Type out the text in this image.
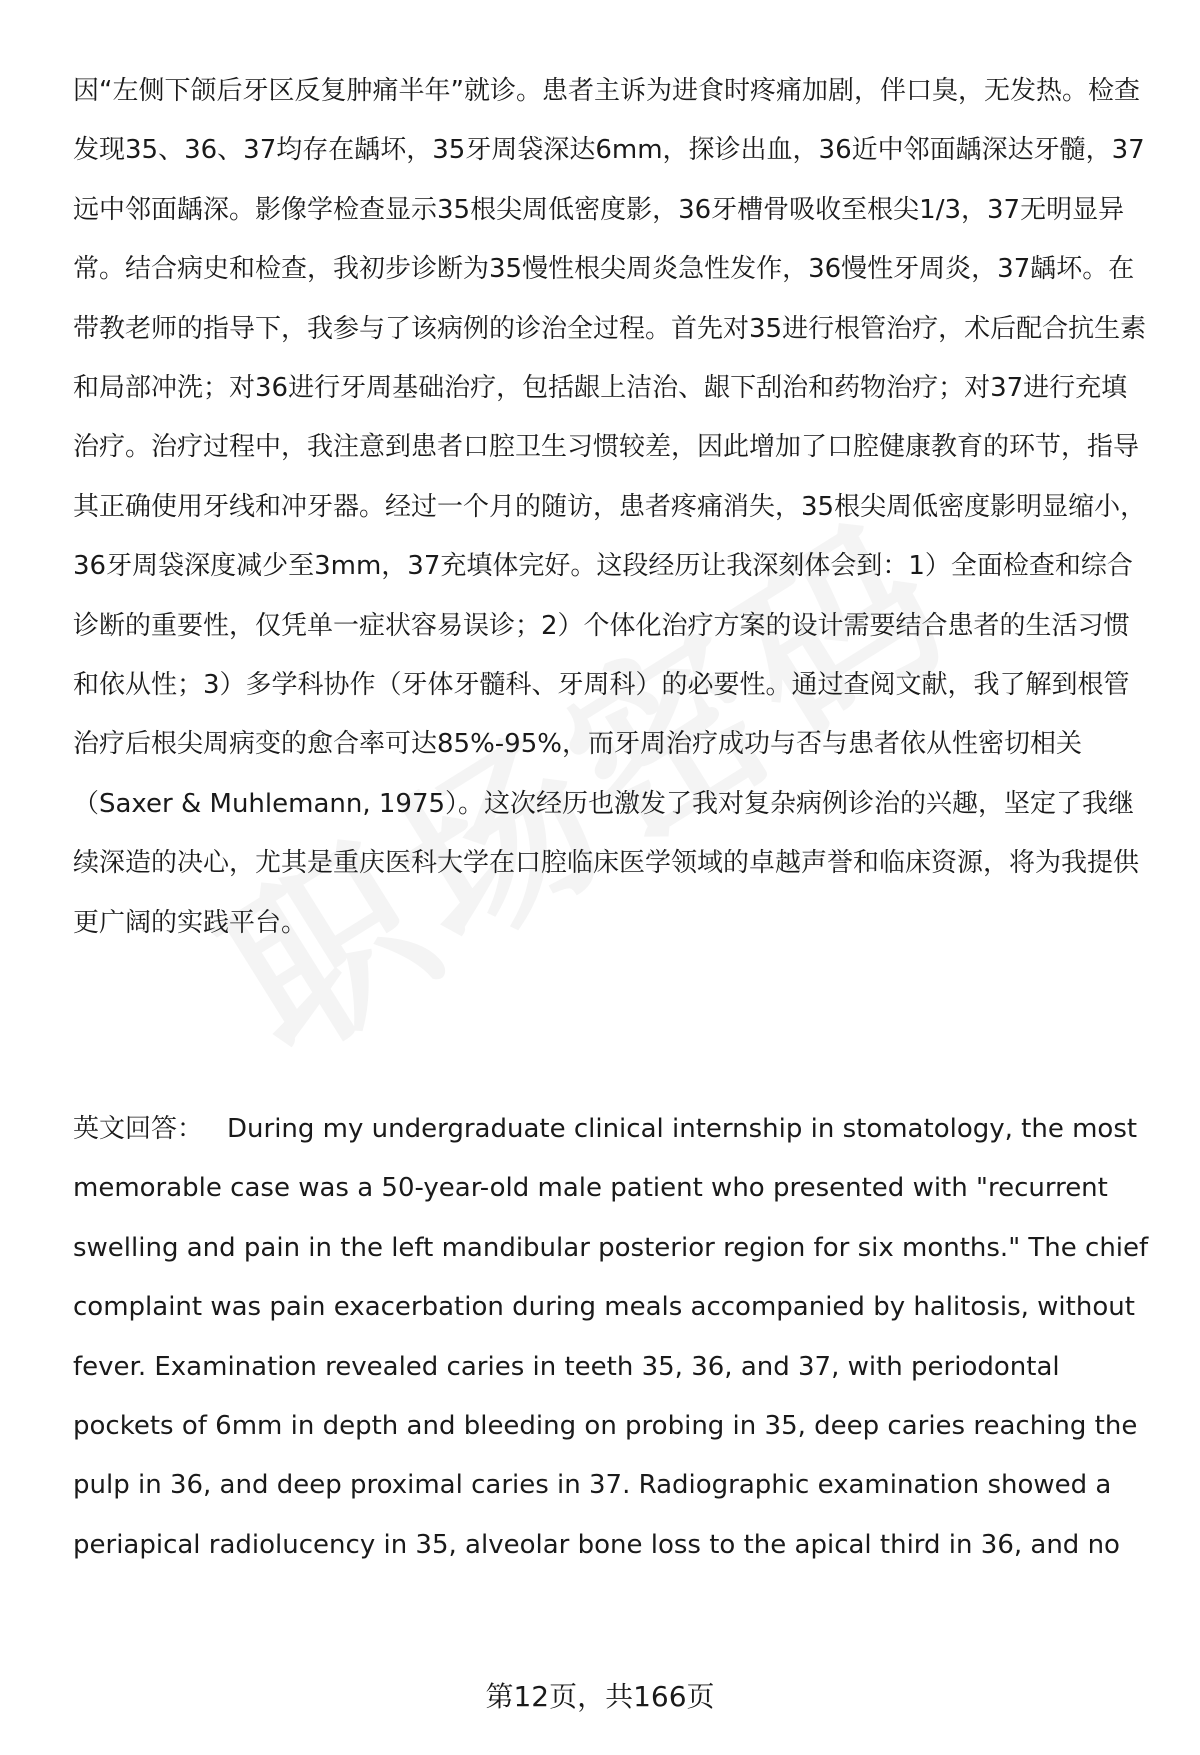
因“左侧下颌后牙区反复肿痛半年”就诊。患者主诉为进食时疼痛加剧，伴口臭，无发热。检查发现35、36、37均存在龋坏，35牙周袋深达6mm，探诊出血，36近中邻面龋深达牙髓，37远中邻面龋深。影像学检查显示35根尖周低密度影，36牙槽骨吸收至根尖1/3，37无明显异常。结合病史和检查，我初步诊断为35慢性根尖周炎急性发作，36慢性牙周炎，37龋坏。在带教老师的指导下，我参与了该病例的诊治全过程。首先对35进行根管治疗，术后配合抗生素和局部冲洗；对36进行牙周基础治疗，包括龈上洁治、龈下刮治和药物治疗；对37进行充填治疗。治疗过程中，我注意到患者口腔卫生习惯较差，因此增加了口腔健康教育的环节，指导其正确使用牙线和冲牙器。经过一个月的随访，患者疼痛消失，35根尖周低密度影明显缩小，36牙周袋深度减少至3mm，37充填体完好。这段经历让我深刻体会到：1）全面检查和综合诊断的重要性，仅凭单一症状容易误诊；2）个体化治疗方案的设计需要结合患者的生活习惯和依从性；3）多学科协作（牙体牙髓科、牙周科）的必要性。通过查阅文献，我了解到根管治疗后根尖周病变的愈合率可达85%-95%，而牙周治疗成功与否与患者依从性密切相关（Saxer & Muhlemann, 1975）。这次经历也激发了我对复杂病例诊治的兴趣，坚定了我继续深造的决心，尤其是重庆医科大学在口腔临床医学领域的卓越声誉和临床资源，将为我提供更广阔的实践平台。

英文回答： During my undergraduate clinical internship in stomatology, the most memorable case was a 50-year-old male patient who presented with "recurrent swelling and pain in the left mandibular posterior region for six months." The chief complaint was pain exacerbation during meals accompanied by halitosis, without fever. Examination revealed caries in teeth 35, 36, and 37, with periodontal pockets of 6mm in depth and bleeding on probing in 35, deep caries reaching the pulp in 36, and deep proximal caries in 37. Radiographic examination showed a periapical radiolucency in 35, alveolar bone loss to the apical third in 36, and no

第12页，共166页
